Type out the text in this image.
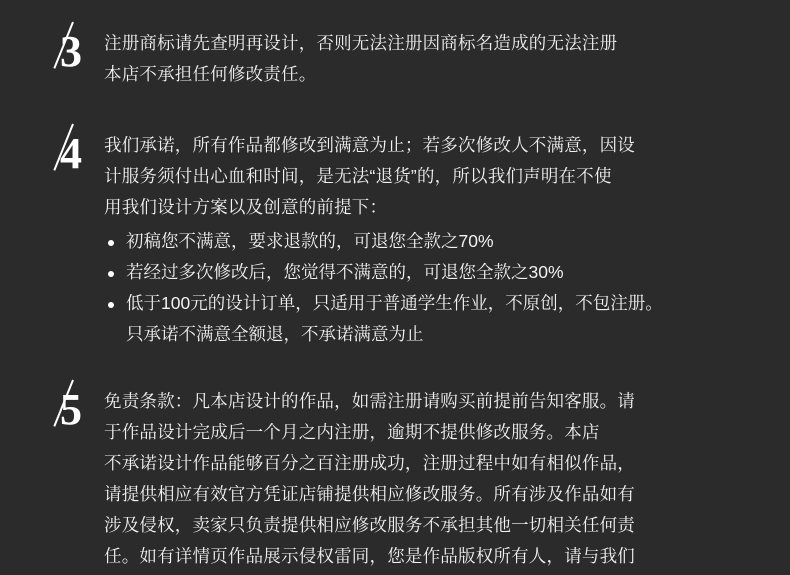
3 注册商标请先查明再设计，否则无法注册因商标名造成的无法注册

本店不承担任何修改责任。

4 我们承诺，所有作品都修改到满意为止；若多次修改人不满意，因设

计服务须付出心血和时间，是无法“退货”的，所以我们声明在不使

用我们设计方案以及创意的前提下：

初稿您不满意，要求退款的，可退您全款之70%
若经过多次修改后，您觉得不满意的，可退您全款之30%
低于100元的设计订单，只适用于普通学生作业，不原创，不包注册。
只承诺不满意全额退，不承诺满意为止
5 免责条款：凡本店设计的作品，如需注册请购买前提前告知客服。请

于作品设计完成后一个月之内注册，逾期不提供修改服务。本店

不承诺设计作品能够百分之百注册成功，注册过程中如有相似作品，

请提供相应有效官方凭证店铺提供相应修改服务。所有涉及作品如有

涉及侵权，卖家只负责提供相应修改服务不承担其他一切相关任何责

任。如有详情页作品展示侵权雷同，您是作品版权所有人，请与我们
